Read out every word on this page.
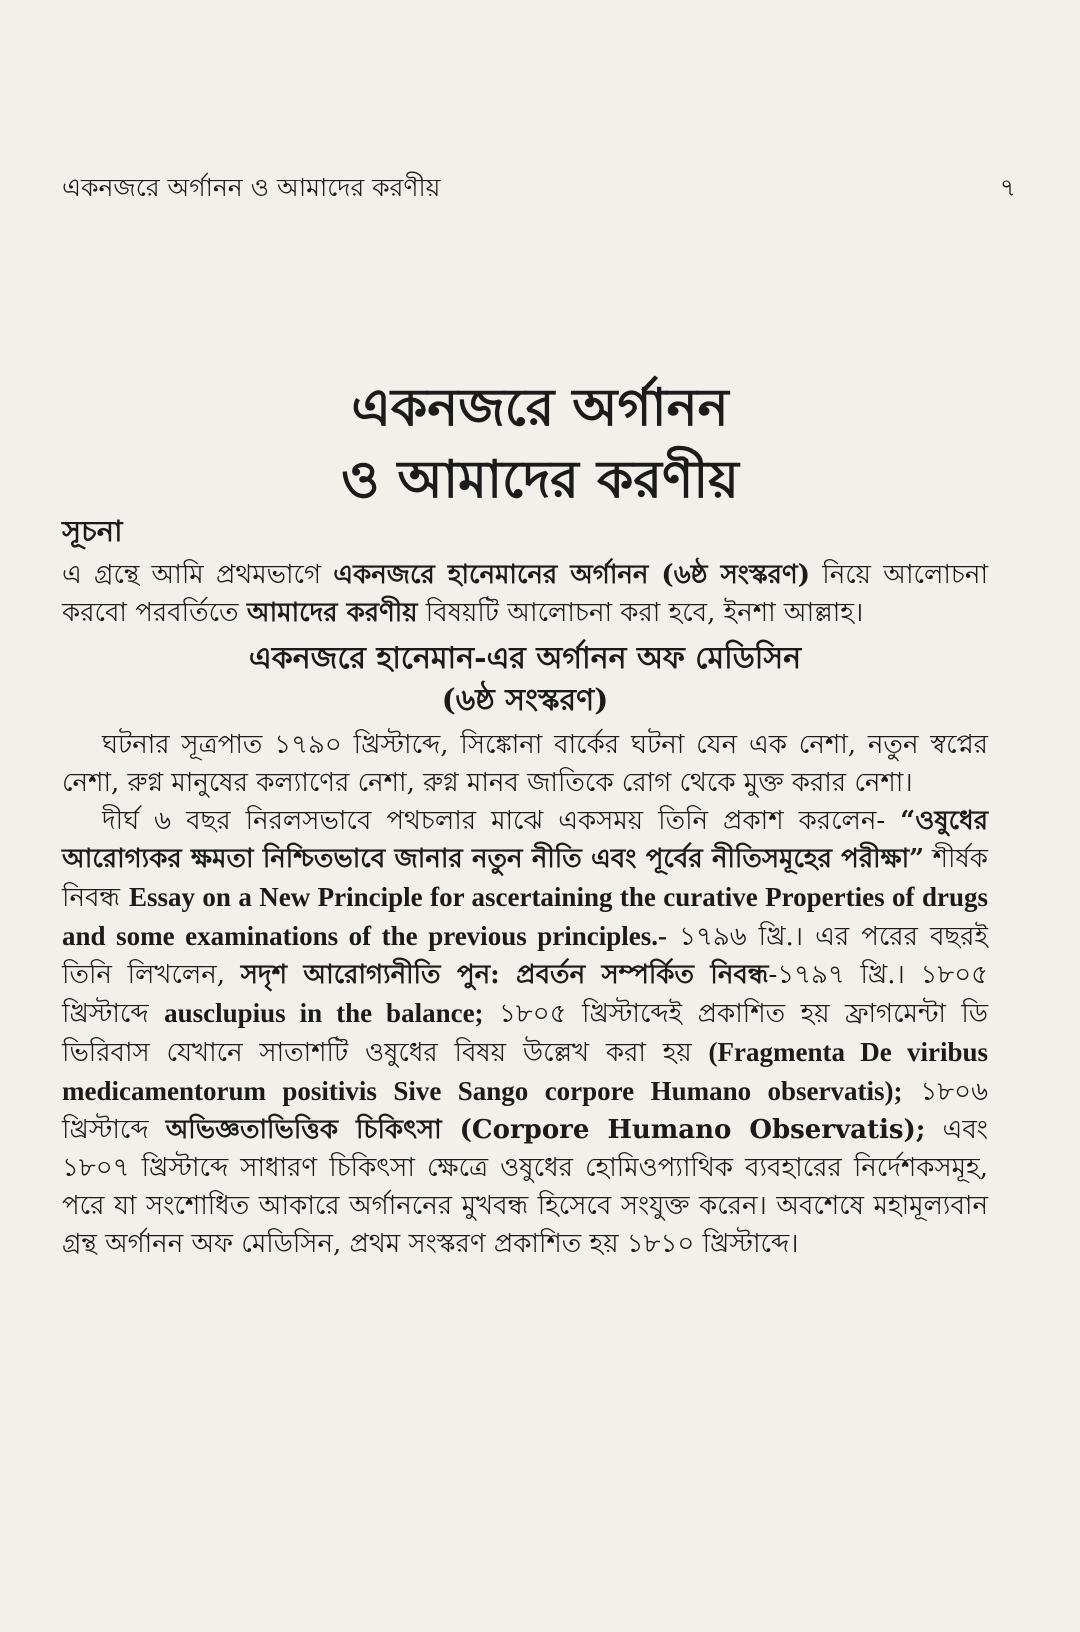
একনজরে অর্গানন ও আমাদের করণীয়	৭
একনজরে অর্গানন
ও আমাদের করণীয়
সূচনা

এ গ্রন্থে আমি প্রথমভাগে একনজরে হানেমানের অর্গানন (৬ষ্ঠ সংস্করণ) নিয়ে আলোচনা করবো পরবর্তিতে আমাদের করণীয় বিষয়টি আলোচনা করা হবে, ইনশা আল্লাহ।

একনজরে হানেমান-এর অর্গানন অফ মেডিসিন
(৬ষ্ঠ সংস্করণ)

ঘটনার সূত্রপাত ১৭৯০ খ্রিস্টাব্দে, সিঙ্কোনা বার্কের ঘটনা যেন এক নেশা, নতুন স্বপ্নের নেশা, রুগ্ন মানুষের কল্যাণের নেশা, রুগ্ন মানব জাতিকে রোগ থেকে মুক্ত করার নেশা।

দীর্ঘ ৬ বছর নিরলসভাবে পথচলার মাঝে একসময় তিনি প্রকাশ করলেন- “ওষুধের আরোগ্যকর ক্ষমতা নিশ্চিতভাবে জানার নতুন নীতি এবং পূর্বের নীতিসমূহের পরীক্ষা” শীর্ষক নিবন্ধ Essay on a New Principle for ascertaining the curative Properties of drugs and some examinations of the previous principles.- ১৭৯৬ খ্রি.। এর পরের বছরই তিনি লিখলেন, সদৃশ আরোগ্যনীতি পুন: প্রবর্তন সম্পর্কিত নিবন্ধ-১৭৯৭ খ্রি.। ১৮০৫ খ্রিস্টাব্দে ausclupius in the balance; ১৮০৫ খ্রিস্টাব্দেই প্রকাশিত হয় ফ্রাগমেন্টা ডি ভিরিবাস যেখানে সাতাশটি ওষুধের বিষয় উল্লেখ করা হয় (Fragmenta De viribus medicamentorum positivis Sive Sango corpore Humano observatis); ১৮০৬ খ্রিস্টাব্দে অভিজ্ঞতাভিত্তিক চিকিৎসা (Corpore Humano Observatis); এবং ১৮০৭ খ্রিস্টাব্দে সাধারণ চিকিৎসা ক্ষেত্রে ওষুধের হোমিওপ্যাথিক ব্যবহারের নির্দেশকসমূহ, পরে যা সংশোধিত আকারে অর্গাননের মুখবন্ধ হিসেবে সংযুক্ত করেন। অবশেষে মহামূল্যবান গ্রন্থ অর্গানন অফ মেডিসিন, প্রথম সংস্করণ প্রকাশিত হয় ১৮১০ খ্রিস্টাব্দে।
